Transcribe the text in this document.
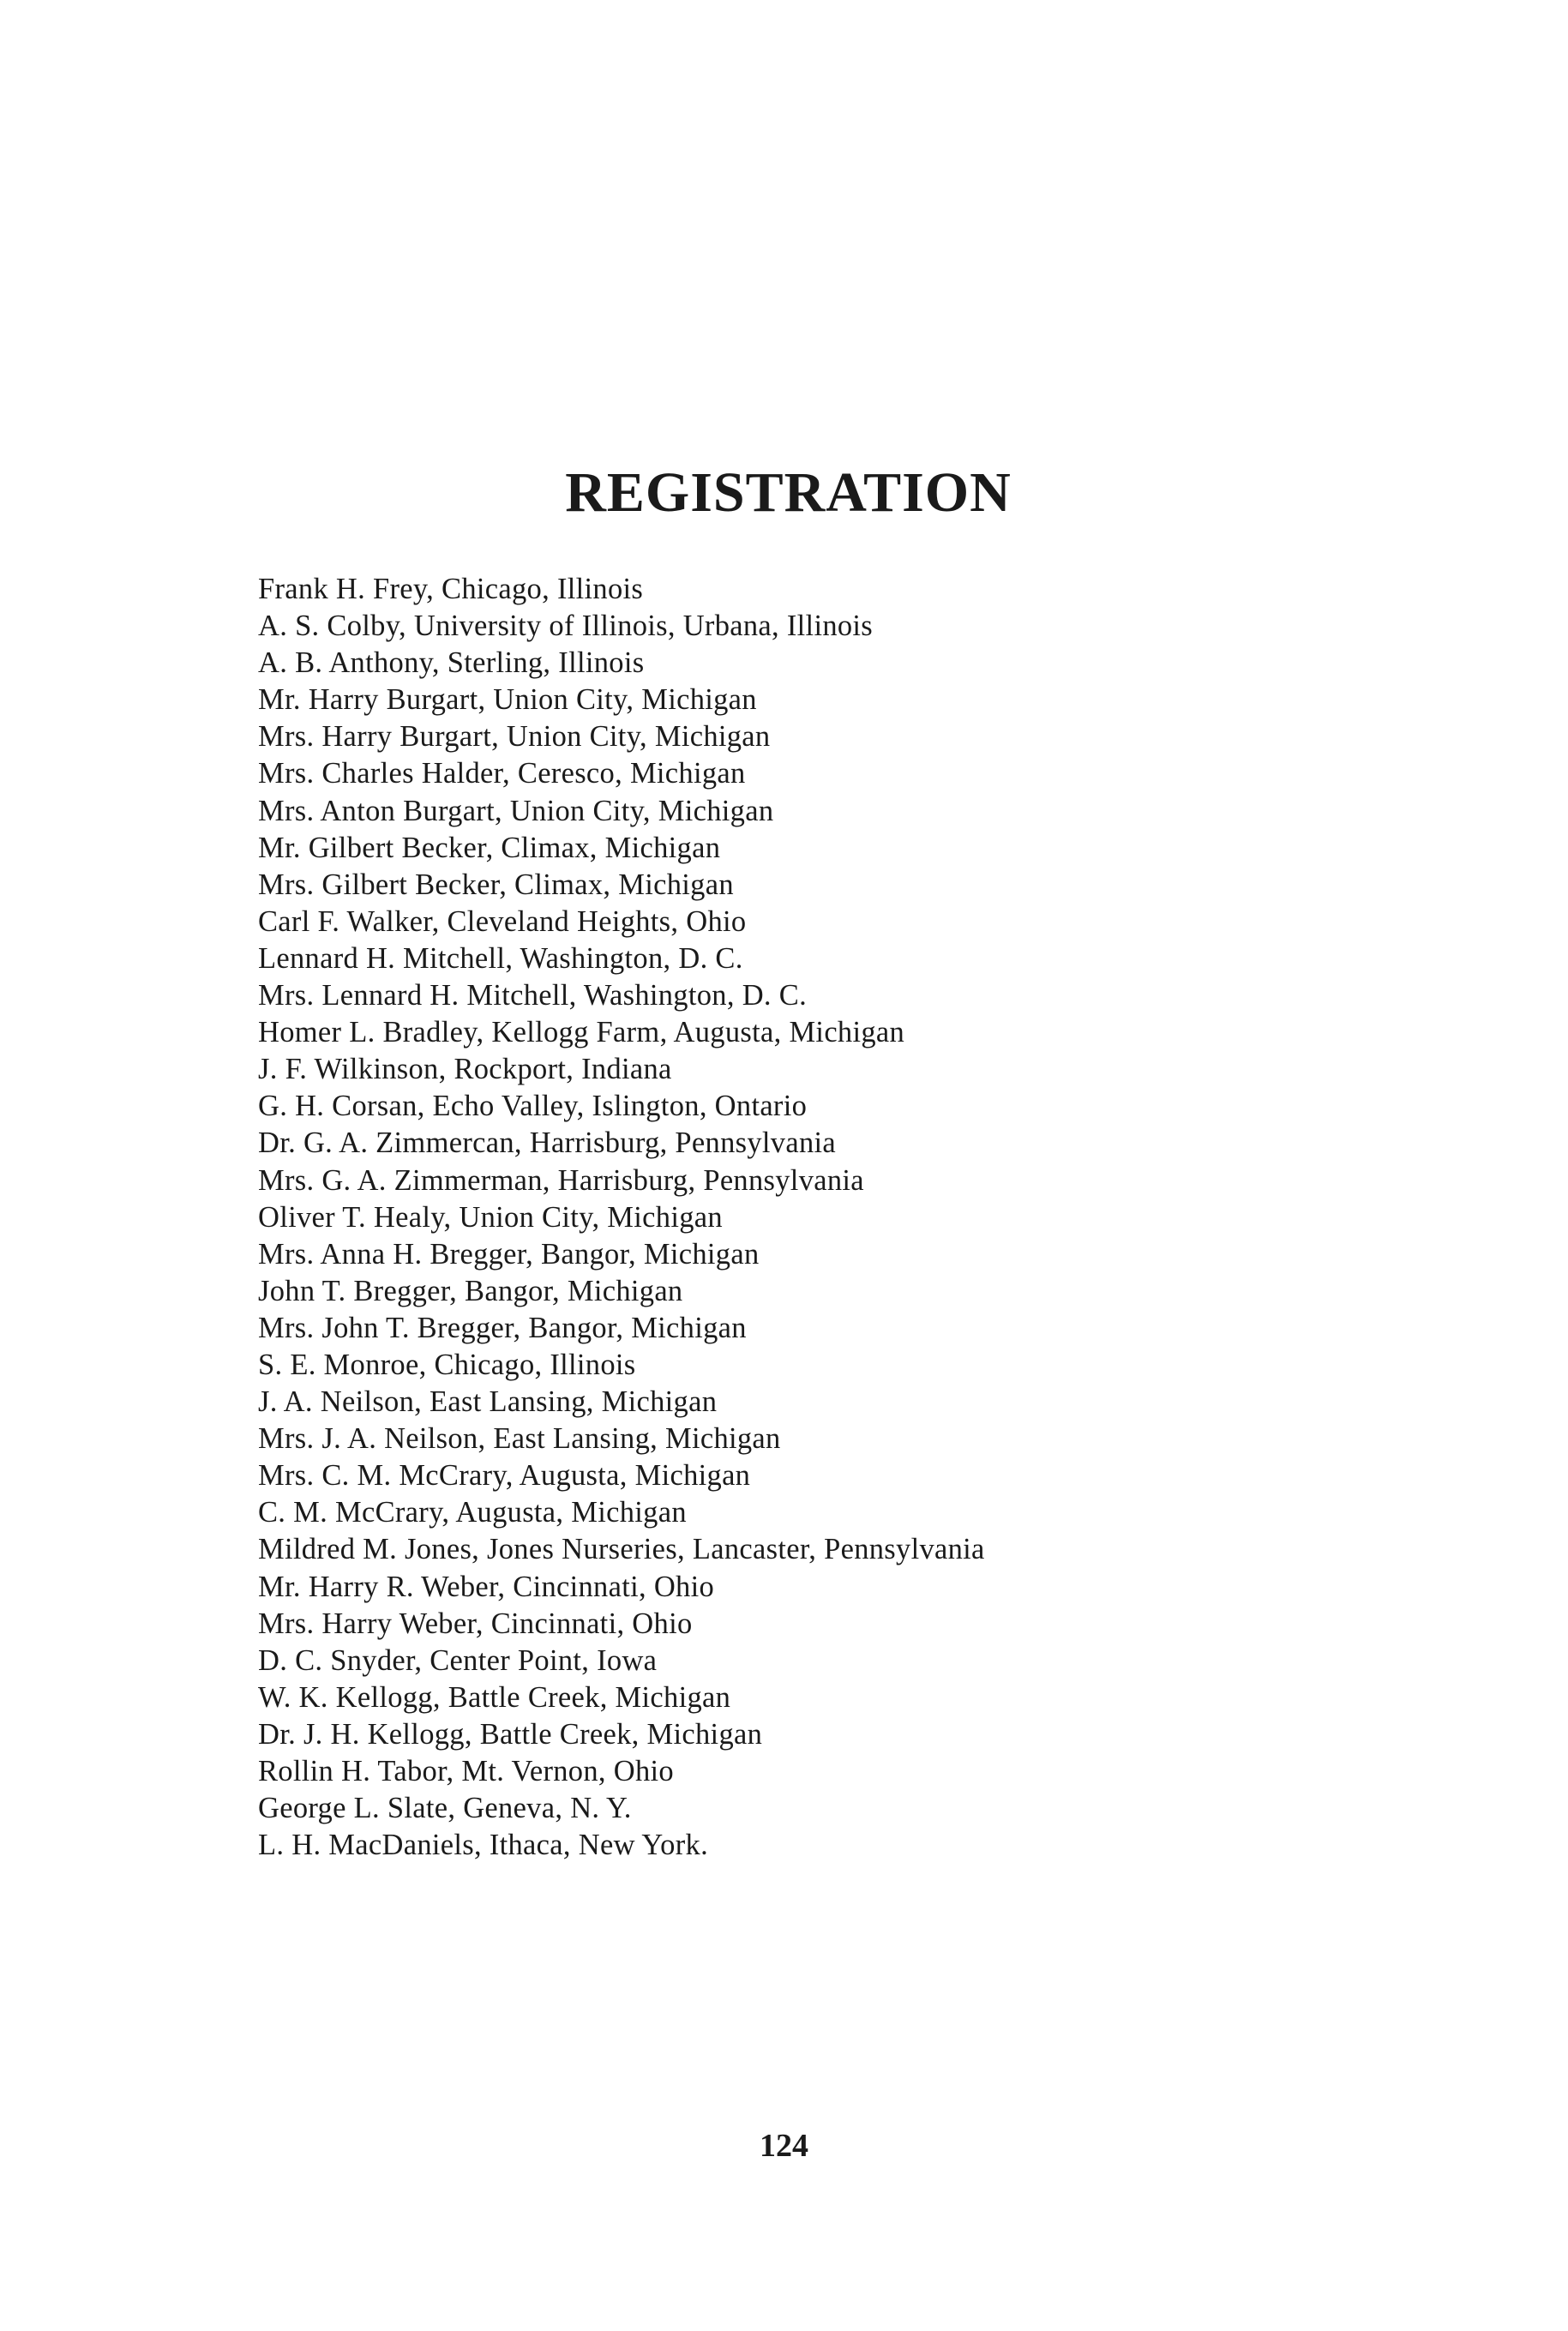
REGISTRATION
Frank H. Frey, Chicago, Illinois
A. S. Colby, University of Illinois, Urbana, Illinois
A. B. Anthony, Sterling, Illinois
Mr. Harry Burgart, Union City, Michigan
Mrs. Harry Burgart, Union City, Michigan
Mrs. Charles Halder, Ceresco, Michigan
Mrs. Anton Burgart, Union City, Michigan
Mr. Gilbert Becker, Climax, Michigan
Mrs. Gilbert Becker, Climax, Michigan
Carl F. Walker, Cleveland Heights, Ohio
Lennard H. Mitchell, Washington, D. C.
Mrs. Lennard H. Mitchell, Washington, D. C.
Homer L. Bradley, Kellogg Farm, Augusta, Michigan
J. F. Wilkinson, Rockport, Indiana
G. H. Corsan, Echo Valley, Islington, Ontario
Dr. G. A. Zimmercan, Harrisburg, Pennsylvania
Mrs. G. A. Zimmerman, Harrisburg, Pennsylvania
Oliver T. Healy, Union City, Michigan
Mrs. Anna H. Bregger, Bangor, Michigan
John T. Bregger, Bangor, Michigan
Mrs. John T. Bregger, Bangor, Michigan
S. E. Monroe, Chicago, Illinois
J. A. Neilson, East Lansing, Michigan
Mrs. J. A. Neilson, East Lansing, Michigan
Mrs. C. M. McCrary, Augusta, Michigan
C. M. McCrary, Augusta, Michigan
Mildred M. Jones, Jones Nurseries, Lancaster, Pennsylvania
Mr. Harry R. Weber, Cincinnati, Ohio
Mrs. Harry Weber, Cincinnati, Ohio
D. C. Snyder, Center Point, Iowa
W. K. Kellogg, Battle Creek, Michigan
Dr. J. H. Kellogg, Battle Creek, Michigan
Rollin H. Tabor, Mt. Vernon, Ohio
George L. Slate, Geneva, N. Y.
L. H. MacDaniels, Ithaca, New York.
124
